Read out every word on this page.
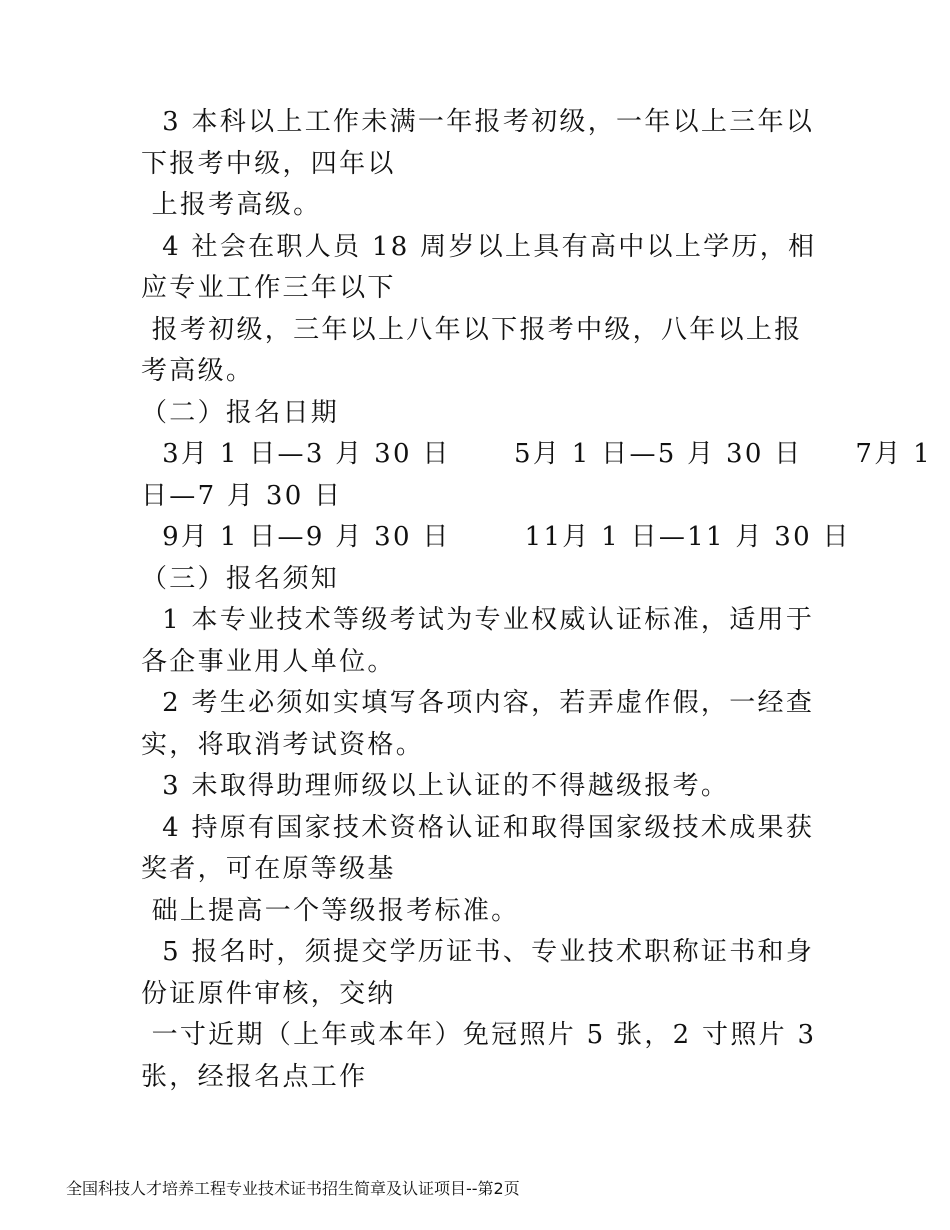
3 本科以上工作未满一年报考初级，一年以上三年以
下报考中级，四年以
上报考高级。
4 社会在职人员 18 周岁以上具有高中以上学历，相
应专业工作三年以下
报考初级，三年以上八年以下报考中级，八年以上报
考高级。
（二）报名日期
3月 1 日—3 月 30 日      5月 1 日—5 月 30 日     7月 1
日—7 月 30 日
9月 1 日—9 月 30 日       11月 1 日—11 月 30 日
（三）报名须知
1 本专业技术等级考试为专业权威认证标准，适用于
各企事业用人单位。
2 考生必须如实填写各项内容，若弄虚作假，一经查
实，将取消考试资格。
3 未取得助理师级以上认证的不得越级报考。
4 持原有国家技术资格认证和取得国家级技术成果获
奖者，可在原等级基
础上提高一个等级报考标准。
5 报名时，须提交学历证书、专业技术职称证书和身
份证原件审核，交纳
一寸近期（上年或本年）免冠照片 5 张，2 寸照片 3
张，经报名点工作
全国科技人才培养工程专业技术证书招生简章及认证项目--第2页
